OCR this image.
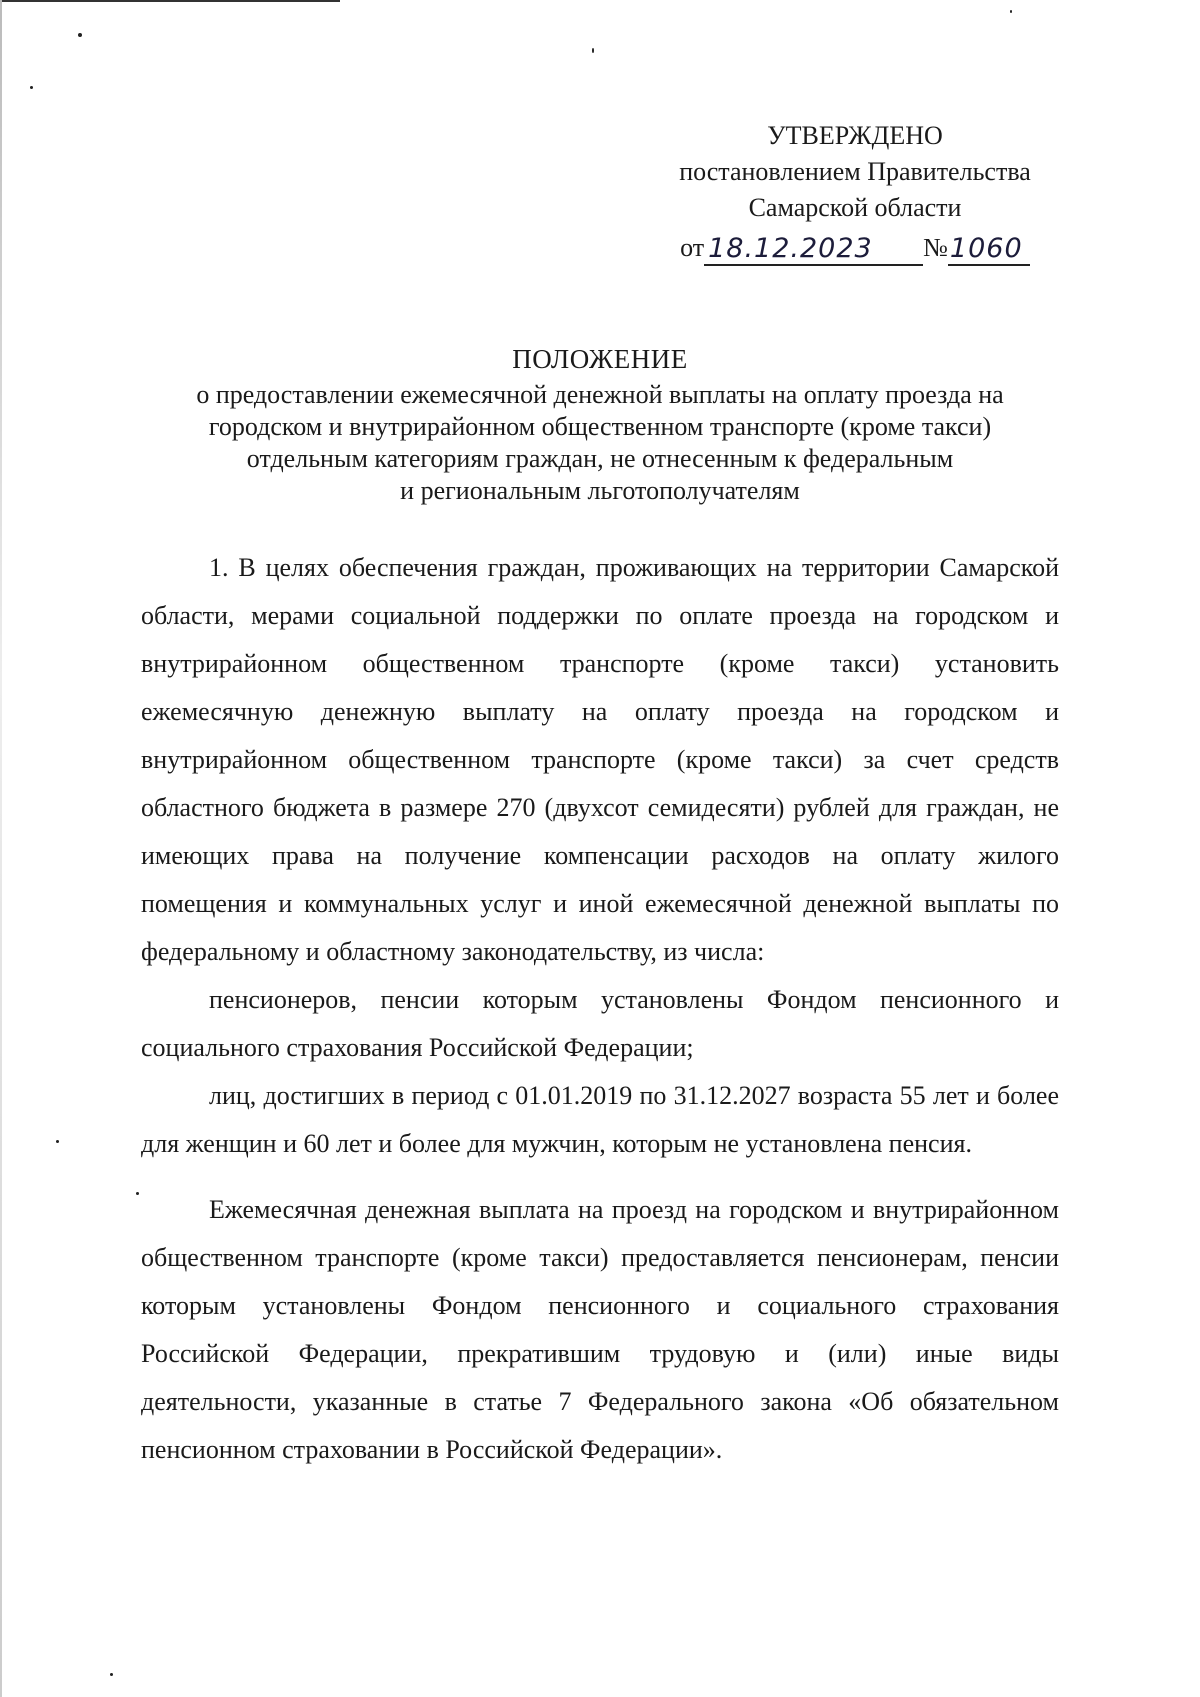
УТВЕРЖДЕНО
постановлением Правительства
Самарской области
от 18.12.2023	№ 1060
ПОЛОЖЕНИЕ
о предоставлении ежемесячной денежной выплаты на оплату проезда на
городском и внутрирайонном общественном транспорте (кроме такси)
отдельным категориям граждан, не отнесенным к федеральным
и региональным льготополучателям

1. В целях обеспечения граждан, проживающих на территории Самарской области, мерами социальной поддержки по оплате проезда на городском и внутрирайонном общественном транспорте (кроме такси) установить ежемесячную денежную выплату на оплату проезда на городском и внутрирайонном общественном транспорте (кроме такси) за счет средств областного бюджета в размере 270 (двухсот семидесяти) рублей для граждан, не имеющих права на получение компенсации расходов на оплату жилого помещения и коммунальных услуг и иной ежемесячной денежной выплаты по федеральному и областному законодательству, из числа:

пенсионеров, пенсии которым установлены Фондом пенсионного и социального страхования Российской Федерации;

лиц, достигших в период с 01.01.2019 по 31.12.2027 возраста 55 лет и более для женщин и 60 лет и более для мужчин, которым не установлена пенсия.

Ежемесячная денежная выплата на проезд на городском и внутрирайонном общественном транспорте (кроме такси) предоставляется пенсионерам, пенсии которым установлены Фондом пенсионного и социального страхования Российской Федерации, прекратившим трудовую и (или) иные виды деятельности, указанные в статье 7 Федерального закона «Об обязательном пенсионном страховании в Российской Федерации».
